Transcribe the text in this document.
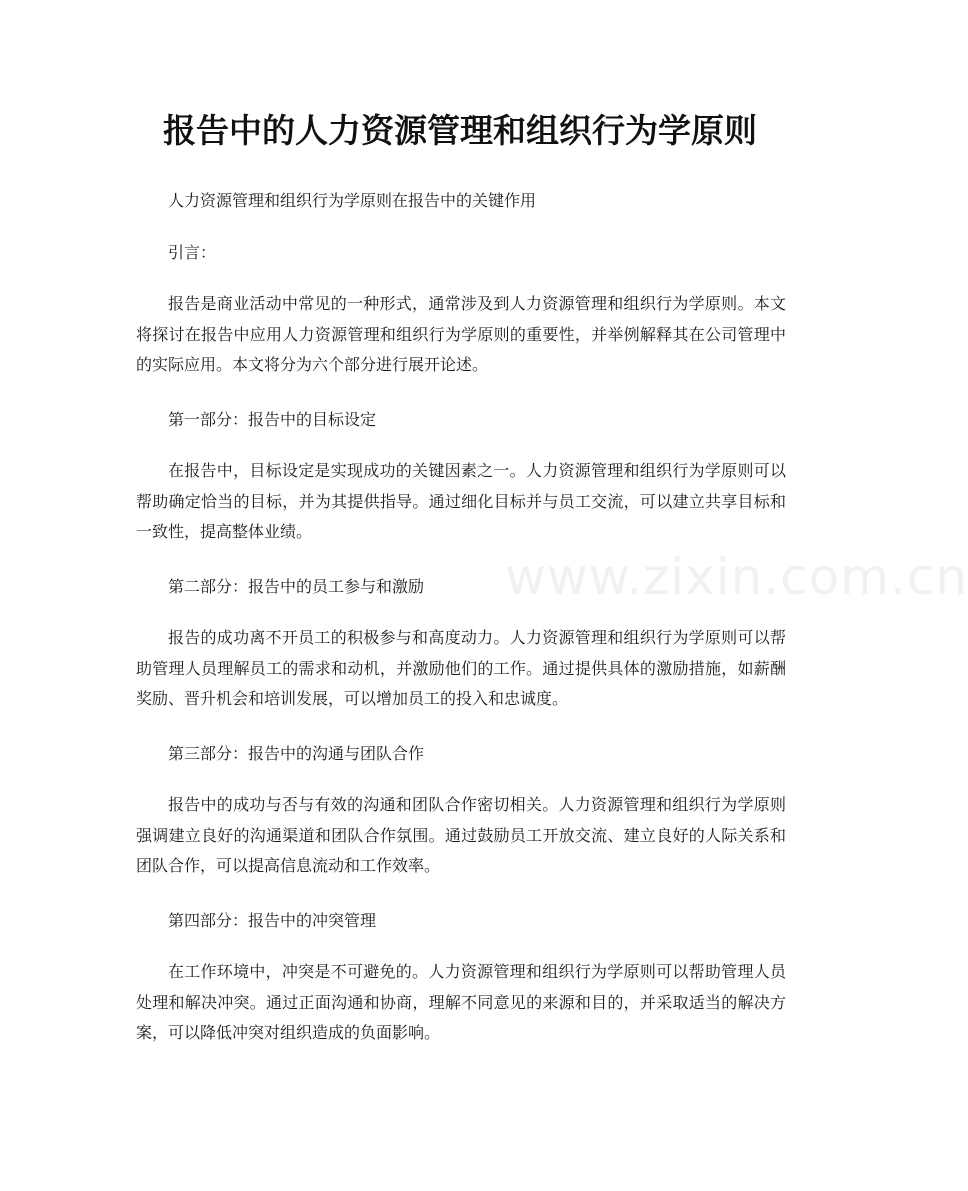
报告中的人力资源管理和组织行为学原则

人力资源管理和组织行为学原则在报告中的关键作用

引言：

报告是商业活动中常见的一种形式，通常涉及到人力资源管理和组织行为学原则。本文将探讨在报告中应用人力资源管理和组织行为学原则的重要性，并举例解释其在公司管理中的实际应用。本文将分为六个部分进行展开论述。

第一部分：报告中的目标设定

在报告中，目标设定是实现成功的关键因素之一。人力资源管理和组织行为学原则可以帮助确定恰当的目标，并为其提供指导。通过细化目标并与员工交流，可以建立共享目标和一致性，提高整体业绩。

第二部分：报告中的员工参与和激励

报告的成功离不开员工的积极参与和高度动力。人力资源管理和组织行为学原则可以帮助管理人员理解员工的需求和动机，并激励他们的工作。通过提供具体的激励措施，如薪酬奖励、晋升机会和培训发展，可以增加员工的投入和忠诚度。

第三部分：报告中的沟通与团队合作

报告中的成功与否与有效的沟通和团队合作密切相关。人力资源管理和组织行为学原则强调建立良好的沟通渠道和团队合作氛围。通过鼓励员工开放交流、建立良好的人际关系和团队合作，可以提高信息流动和工作效率。

第四部分：报告中的冲突管理

在工作环境中，冲突是不可避免的。人力资源管理和组织行为学原则可以帮助管理人员处理和解决冲突。通过正面沟通和协商，理解不同意见的来源和目的，并采取适当的解决方案，可以降低冲突对组织造成的负面影响。

www.zixin.com.cn
